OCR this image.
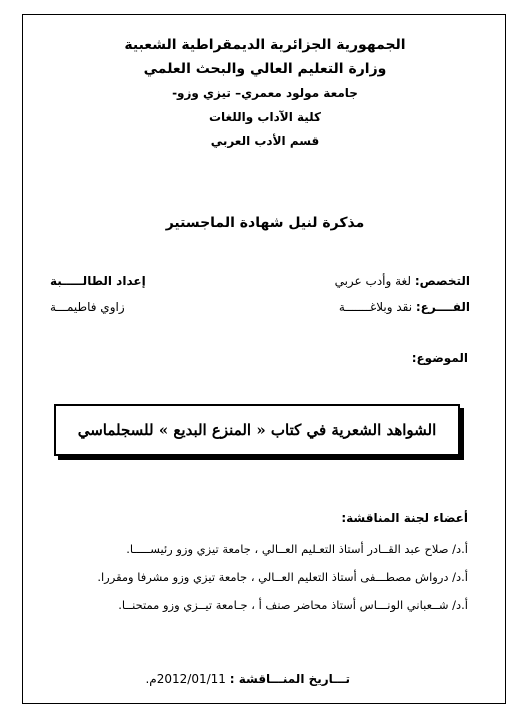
الجمهورية الجزائرية الديمقراطية الشعبية
وزارة التعليم العالي والبحث العلمي
جامعة مولود معمري– تيزي وزو-
كلية الآداب واللغات
قسم الأدب العربي
مذكرة لنيل شهادة الماجستير
التخصص: لغة وأدب عربي
إعداد الطالـــــبة
الفــــرع: نقد وبلاغـــــــة
زاوي فاطيمـــة
الموضوع:
الشواهد الشعرية في كتاب « المنزع البديع » للسجلماسي
أعضاء لجنة المناقشة:
أ.د/ صلاح عبد القــادر أستاذ التعـليم العــالي ، جامعة تيزي وزو رئيســـــا.
أ.د/ درواش مصطـــفى أستاذ التعليم العــالي ، جامعة تيزي وزو مشرفا ومقررا.
أ.د/ شــعباني الونـــاس أستاذ محاضر صنف أ ، جـامعة تيــزي وزو ممتحنــا.
تـــاريخ المنـــاقشة : 2012/01/11م.
